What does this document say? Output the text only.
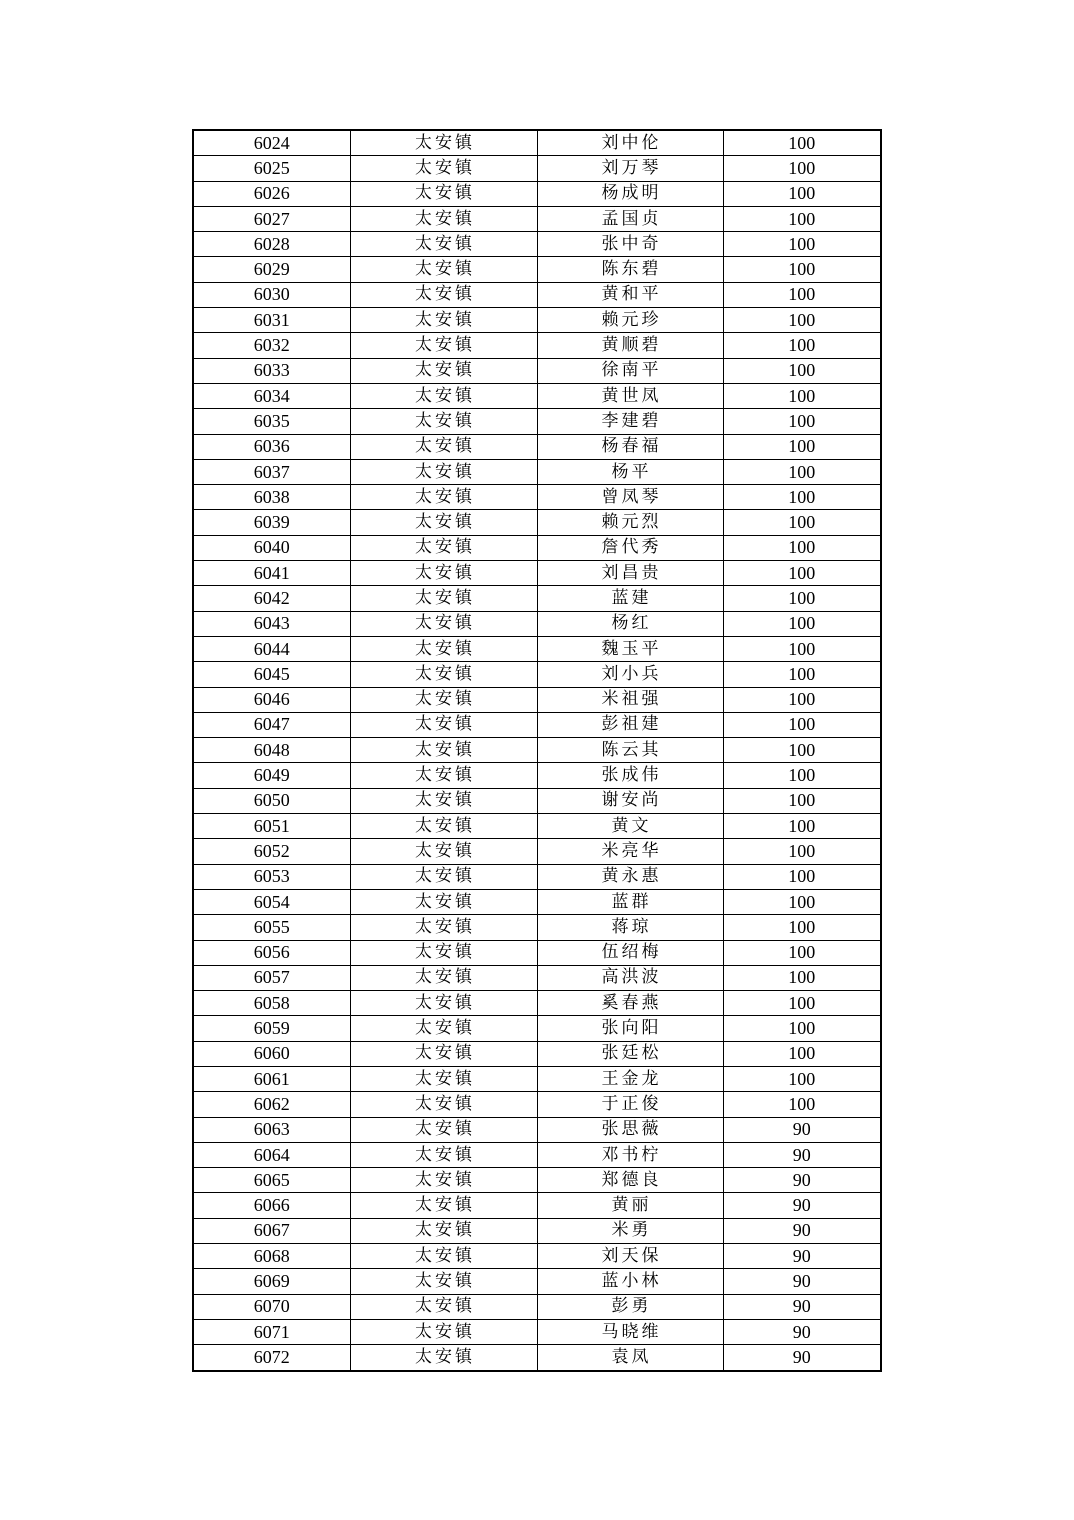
6024	太安镇	刘中伦	100
6025	太安镇	刘万琴	100
6026	太安镇	杨成明	100
6027	太安镇	孟国贞	100
6028	太安镇	张中奇	100
6029	太安镇	陈东碧	100
6030	太安镇	黄和平	100
6031	太安镇	赖元珍	100
6032	太安镇	黄顺碧	100
6033	太安镇	徐南平	100
6034	太安镇	黄世凤	100
6035	太安镇	李建碧	100
6036	太安镇	杨春福	100
6037	太安镇	杨平	100
6038	太安镇	曾凤琴	100
6039	太安镇	赖元烈	100
6040	太安镇	詹代秀	100
6041	太安镇	刘昌贵	100
6042	太安镇	蓝建	100
6043	太安镇	杨红	100
6044	太安镇	魏玉平	100
6045	太安镇	刘小兵	100
6046	太安镇	米祖强	100
6047	太安镇	彭祖建	100
6048	太安镇	陈云其	100
6049	太安镇	张成伟	100
6050	太安镇	谢安尚	100
6051	太安镇	黄文	100
6052	太安镇	米亮华	100
6053	太安镇	黄永惠	100
6054	太安镇	蓝群	100
6055	太安镇	蒋琼	100
6056	太安镇	伍绍梅	100
6057	太安镇	高洪波	100
6058	太安镇	奚春燕	100
6059	太安镇	张向阳	100
6060	太安镇	张廷松	100
6061	太安镇	王金龙	100
6062	太安镇	于正俊	100
6063	太安镇	张思薇	90
6064	太安镇	邓书柠	90
6065	太安镇	郑德良	90
6066	太安镇	黄丽	90
6067	太安镇	米勇	90
6068	太安镇	刘天保	90
6069	太安镇	蓝小林	90
6070	太安镇	彭勇	90
6071	太安镇	马晓维	90
6072	太安镇	袁凤	90
